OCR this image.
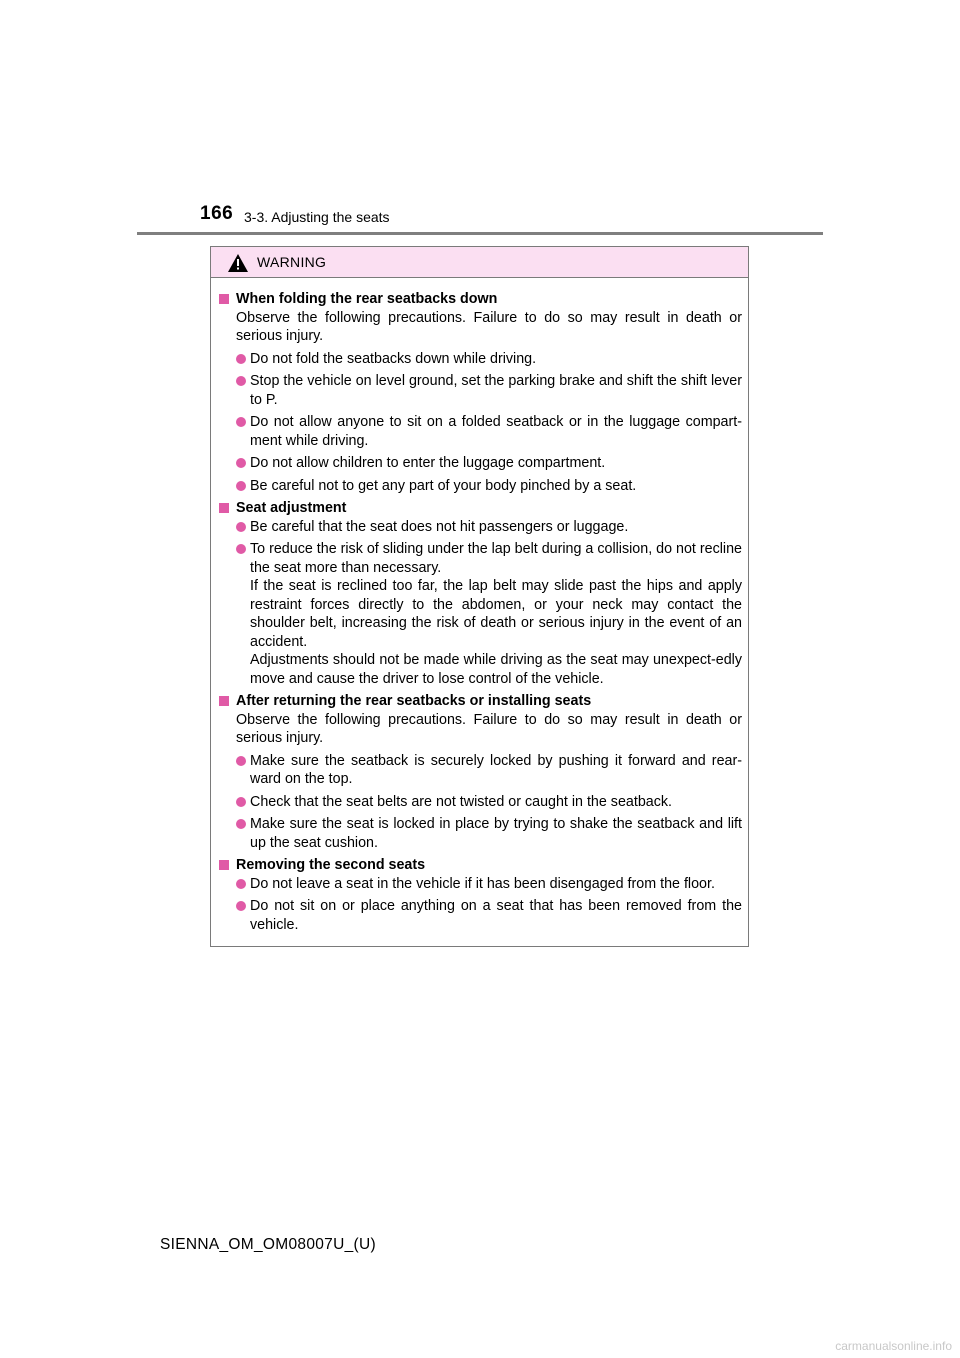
166 3-3. Adjusting the seats
WARNING
When folding the rear seatbacks down
Observe the following precautions. Failure to do so may result in death or serious injury.
Do not fold the seatbacks down while driving.
Stop the vehicle on level ground, set the parking brake and shift the shift lever to P.
Do not allow anyone to sit on a folded seatback or in the luggage compart-ment while driving.
Do not allow children to enter the luggage compartment.
Be careful not to get any part of your body pinched by a seat.
Seat adjustment
Be careful that the seat does not hit passengers or luggage.
To reduce the risk of sliding under the lap belt during a collision, do not recline the seat more than necessary.
If the seat is reclined too far, the lap belt may slide past the hips and apply restraint forces directly to the abdomen, or your neck may contact the shoulder belt, increasing the risk of death or serious injury in the event of an accident.
Adjustments should not be made while driving as the seat may unexpect-edly move and cause the driver to lose control of the vehicle.
After returning the rear seatbacks or installing seats
Observe the following precautions. Failure to do so may result in death or serious injury.
Make sure the seatback is securely locked by pushing it forward and rear-ward on the top.
Check that the seat belts are not twisted or caught in the seatback.
Make sure the seat is locked in place by trying to shake the seatback and lift up the seat cushion.
Removing the second seats
Do not leave a seat in the vehicle if it has been disengaged from the floor.
Do not sit on or place anything on a seat that has been removed from the vehicle.
SIENNA_OM_OM08007U_(U)
carmanualsonline.info
